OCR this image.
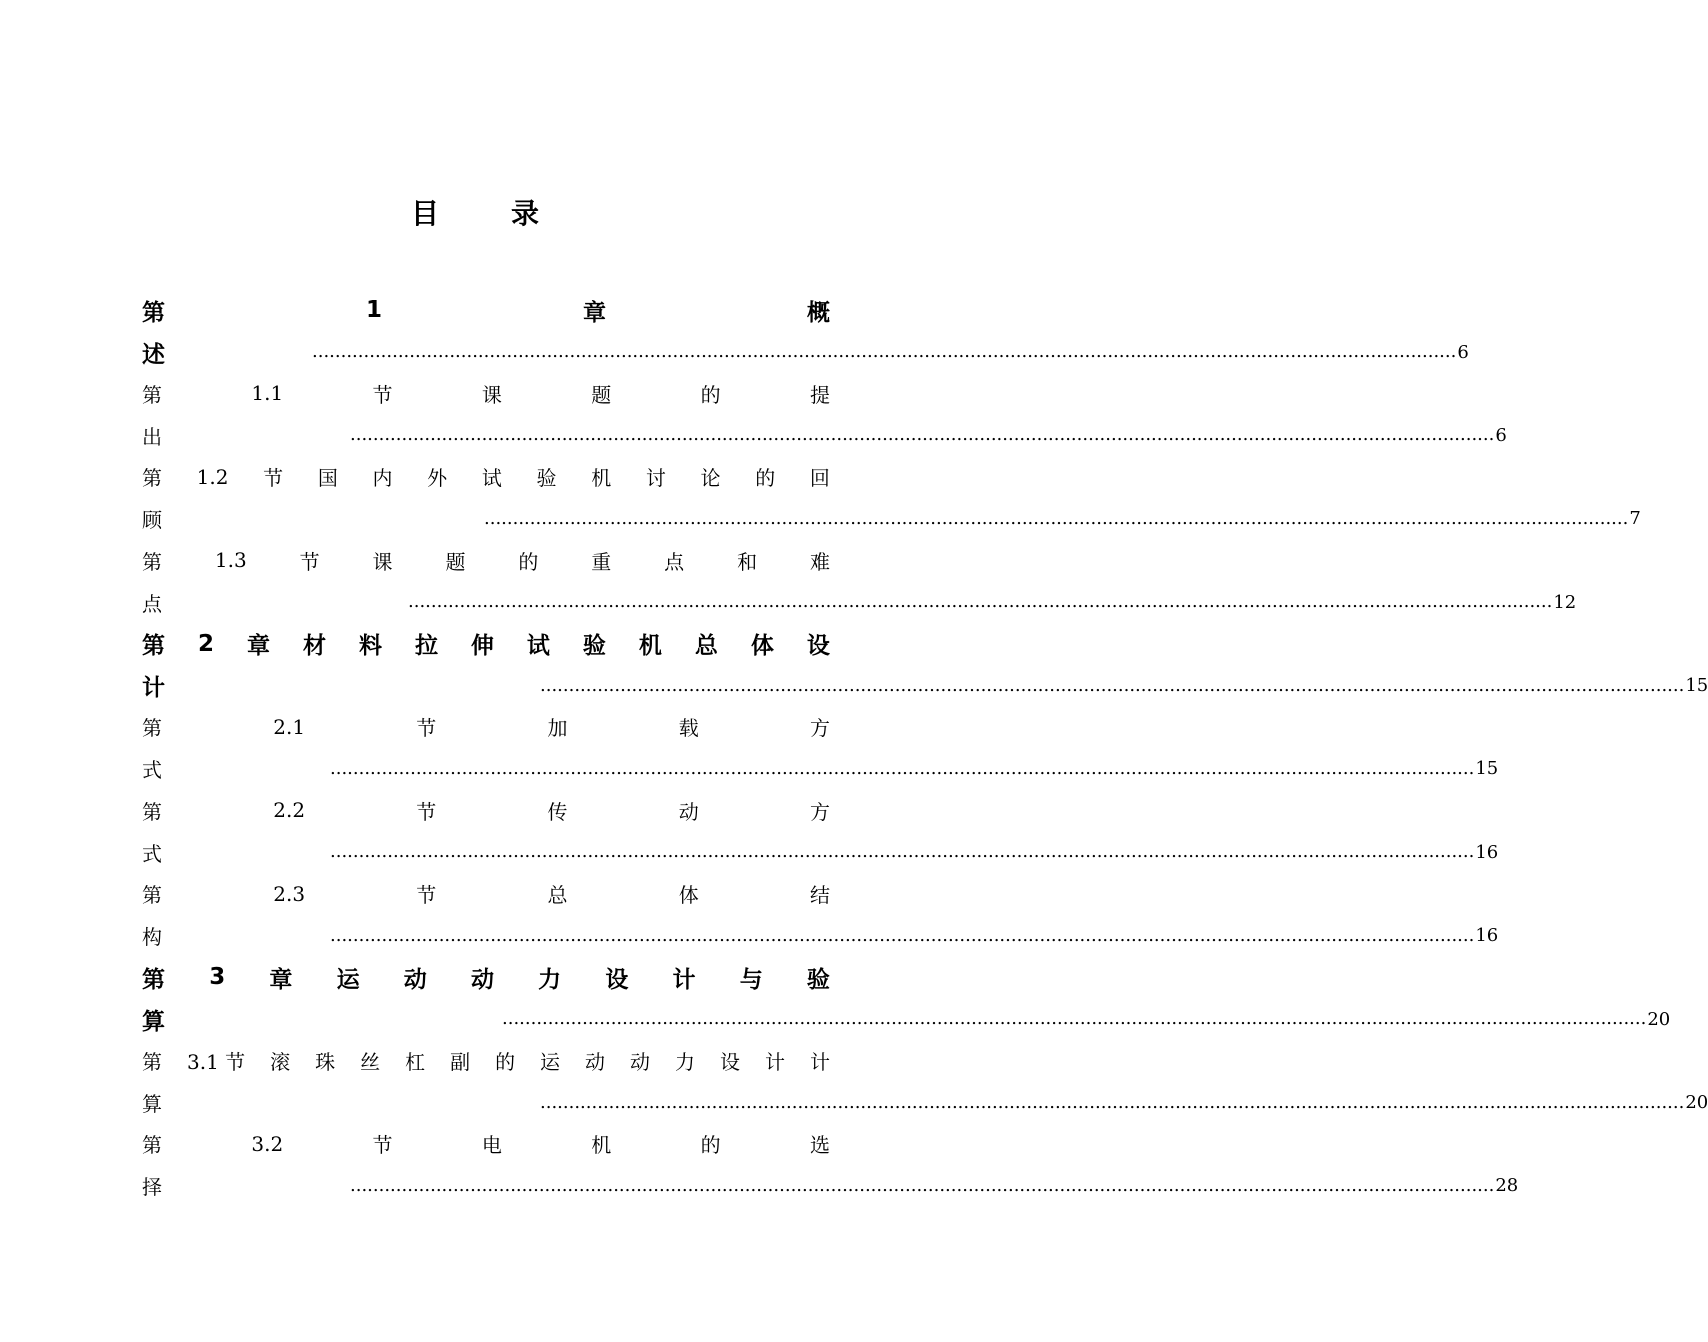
目	录
第	1	章	概
述	........................................................................................................................................................................................................ 6
第	1.1	节	课	题	的	提
出	........................................................................................................................................................................................................ 6
第 1.2 节 国 内 外 试 验 机 讨 论 的 回
顾	........................................................................................................................................................................................................ 7
第	1.3	节	课	题	的	重	点	和	难
点	........................................................................................................................................................................................................ 12
第 2 章 材 料 拉 伸 试 验 机 总 体 设
计	........................................................................................................................................................................................................ 15
第	2.1	节	加	载	方
式	........................................................................................................................................................................................................ 15
第	2.2	节	传	动	方
式	........................................................................................................................................................................................................ 16
第	2.3	节	总	体	结
构	........................................................................................................................................................................................................ 16
第 3 章 运 动 动 力 设 计 与 验
算	........................................................................................................................................................................................................ 20
第 3.1 节 滚 珠 丝 杠 副 的 运 动 动 力 设 计 计
算	........................................................................................................................................................................................................ 20
第	3.2	节	电	机	的	选
择	........................................................................................................................................................................................................ 28
